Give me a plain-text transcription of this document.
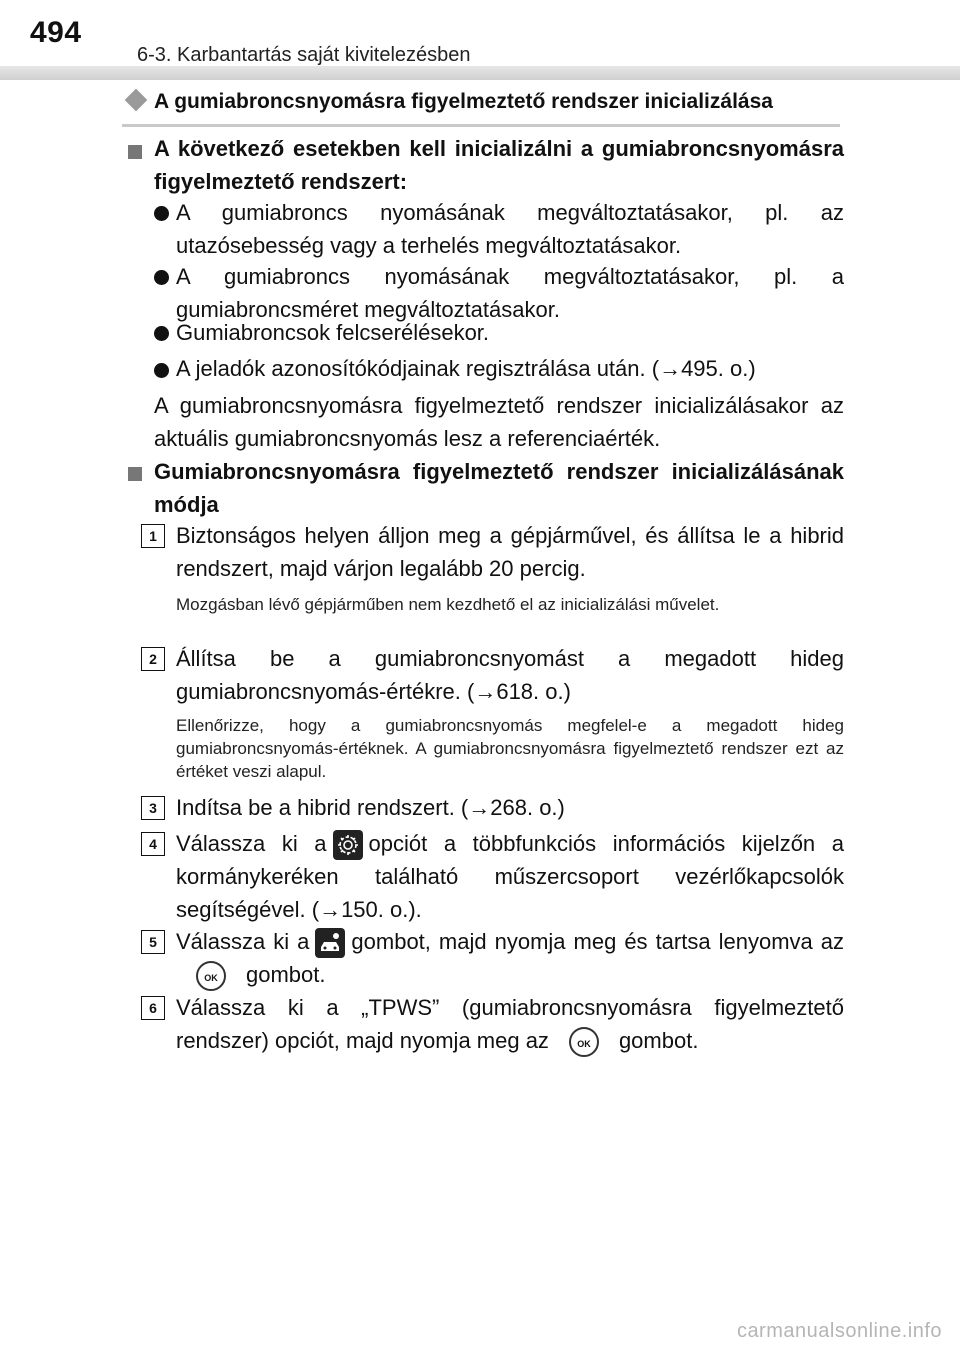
494
6-3. Karbantartás saját kivitelezésben
A gumiabroncsnyomásra figyelmeztető rendszer inicializálása
A következő esetekben kell inicializálni a gumiabroncsnyomásra figyelmeztető rendszert:
A gumiabroncs nyomásának megváltoztatásakor, pl. az utazósebesség vagy a terhelés megváltoztatásakor.
A gumiabroncs nyomásának megváltoztatásakor, pl. a gumiabroncsméret megváltoztatásakor.
Gumiabroncsok felcserélésekor.
A jeladók azonosítókódjainak regisztrálása után. (→495. o.)
A gumiabroncsnyomásra figyelmeztető rendszer inicializálásakor az aktuális gumiabroncsnyomás lesz a referenciaérték.
Gumiabroncsnyomásra figyelmeztető rendszer inicializálásának módja
1 Biztonságos helyen álljon meg a gépjárművel, és állítsa le a hibrid rendszert, majd várjon legalább 20 percig.
Mozgásban lévő gépjárműben nem kezdhető el az inicializálási művelet.
2 Állítsa be a gumiabroncsnyomást a megadott hideg gumiabroncsnyomás-értékre. (→618. o.)
Ellenőrizze, hogy a gumiabroncsnyomás megfelel-e a megadott hideg gumiabroncsnyomás-értéknek. A gumiabroncsnyomásra figyelmeztető rendszer ezt az értéket veszi alapul.
3 Indítsa be a hibrid rendszert. (→268. o.)
4 Válassza ki a opciót a többfunkciós információs kijelzőn a kormánykeréken található műszercsoport vezérlőkapcsolók segítségével. (→150. o.).
5 Válassza ki a gombot, majd nyomja meg és tartsa lenyomva azOK gombot.
6 Válassza ki a „TPWS” (gumiabroncsnyomásra figyelmeztető rendszer) opciót, majd nyomja meg az	OK gombot.
carmanualsonline.info
